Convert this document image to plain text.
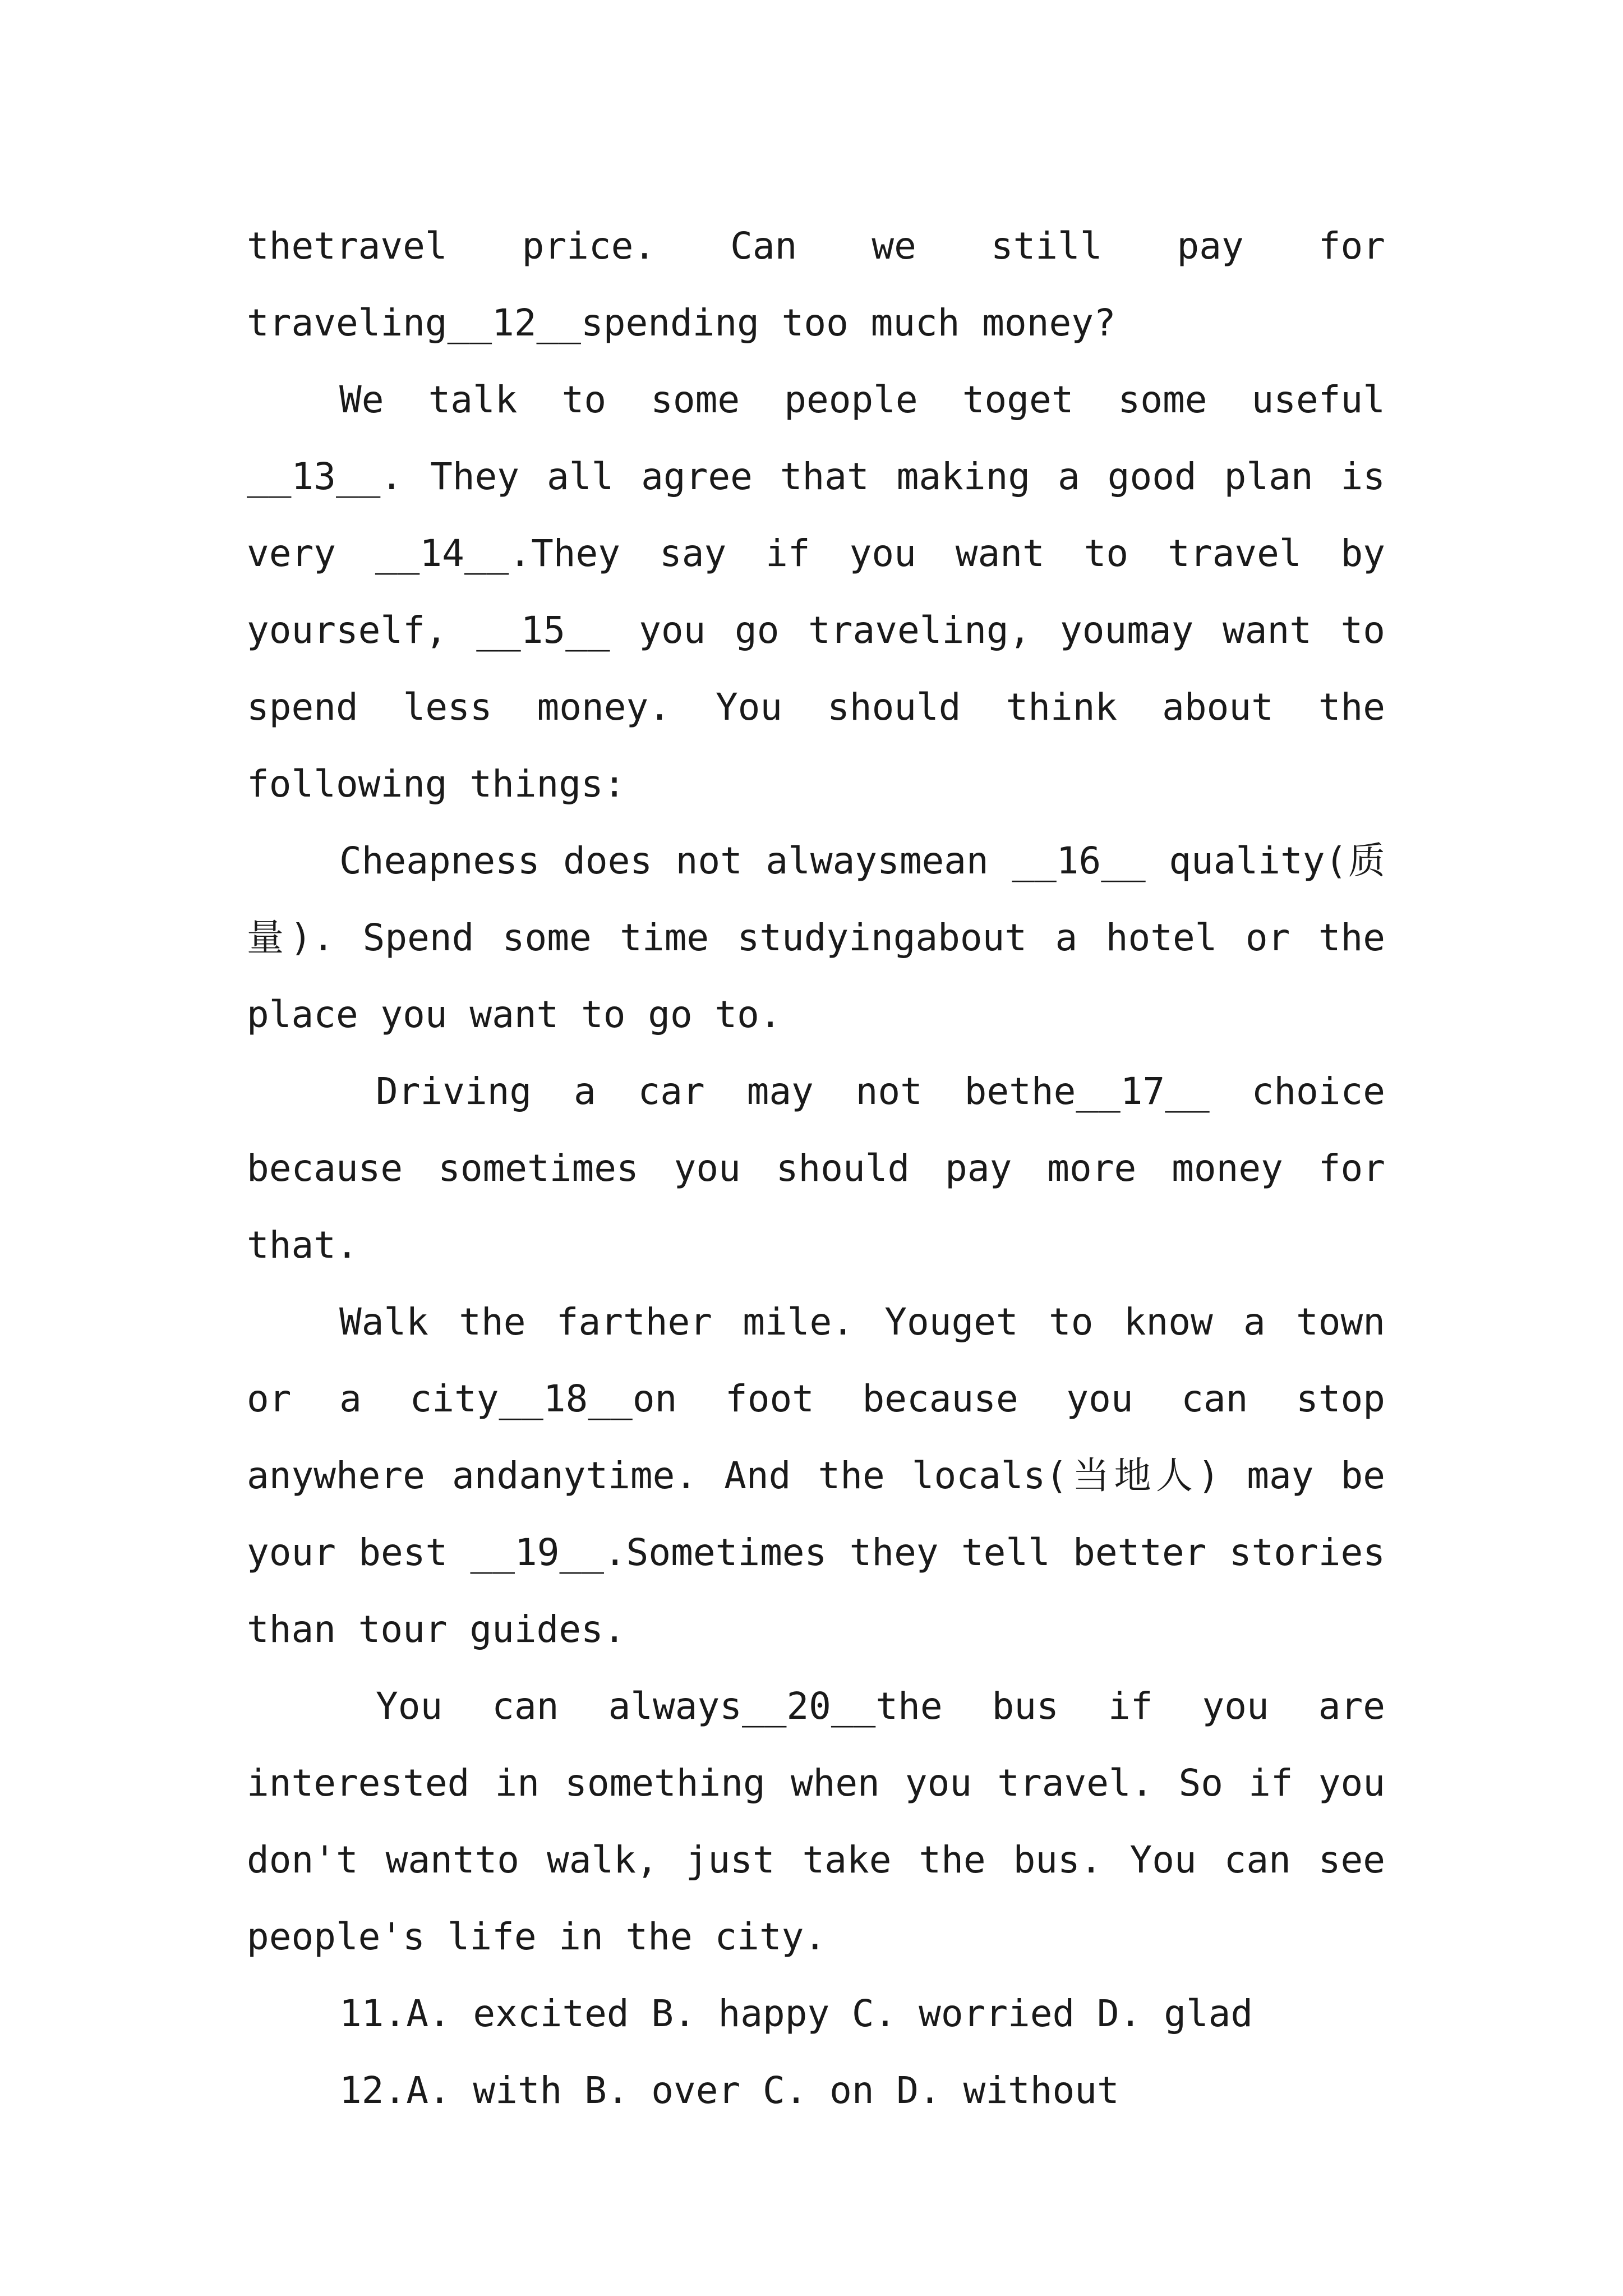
thetravel price. Can we still pay for traveling__12__spending too much money?

We talk to some people toget some useful __13__. They all agree that making a good plan is very __14__.They say if you want to travel by yourself, __15__ you go traveling, youmay want to spend less money. You should think about the following things:

Cheapness does not alwaysmean __16__ quality(质量). Spend some time studyingabout a hotel or the place you want to go to.

Driving a car may not bethe__17__ choice because sometimes you should pay more money for that.

Walk the farther mile. Youget to know a town or a city__18__on foot because you can stop anywhere andanytime. And the locals(当地人) may be your best __19__.Sometimes they tell better stories than tour guides.

You can always__20__the bus if you are interested in something when you travel. So if you don't wantto walk, just take the bus. You can see people's life in the city.

11.A. excited B. happy C. worried D. glad

12.A. with B. over C. on D. without
